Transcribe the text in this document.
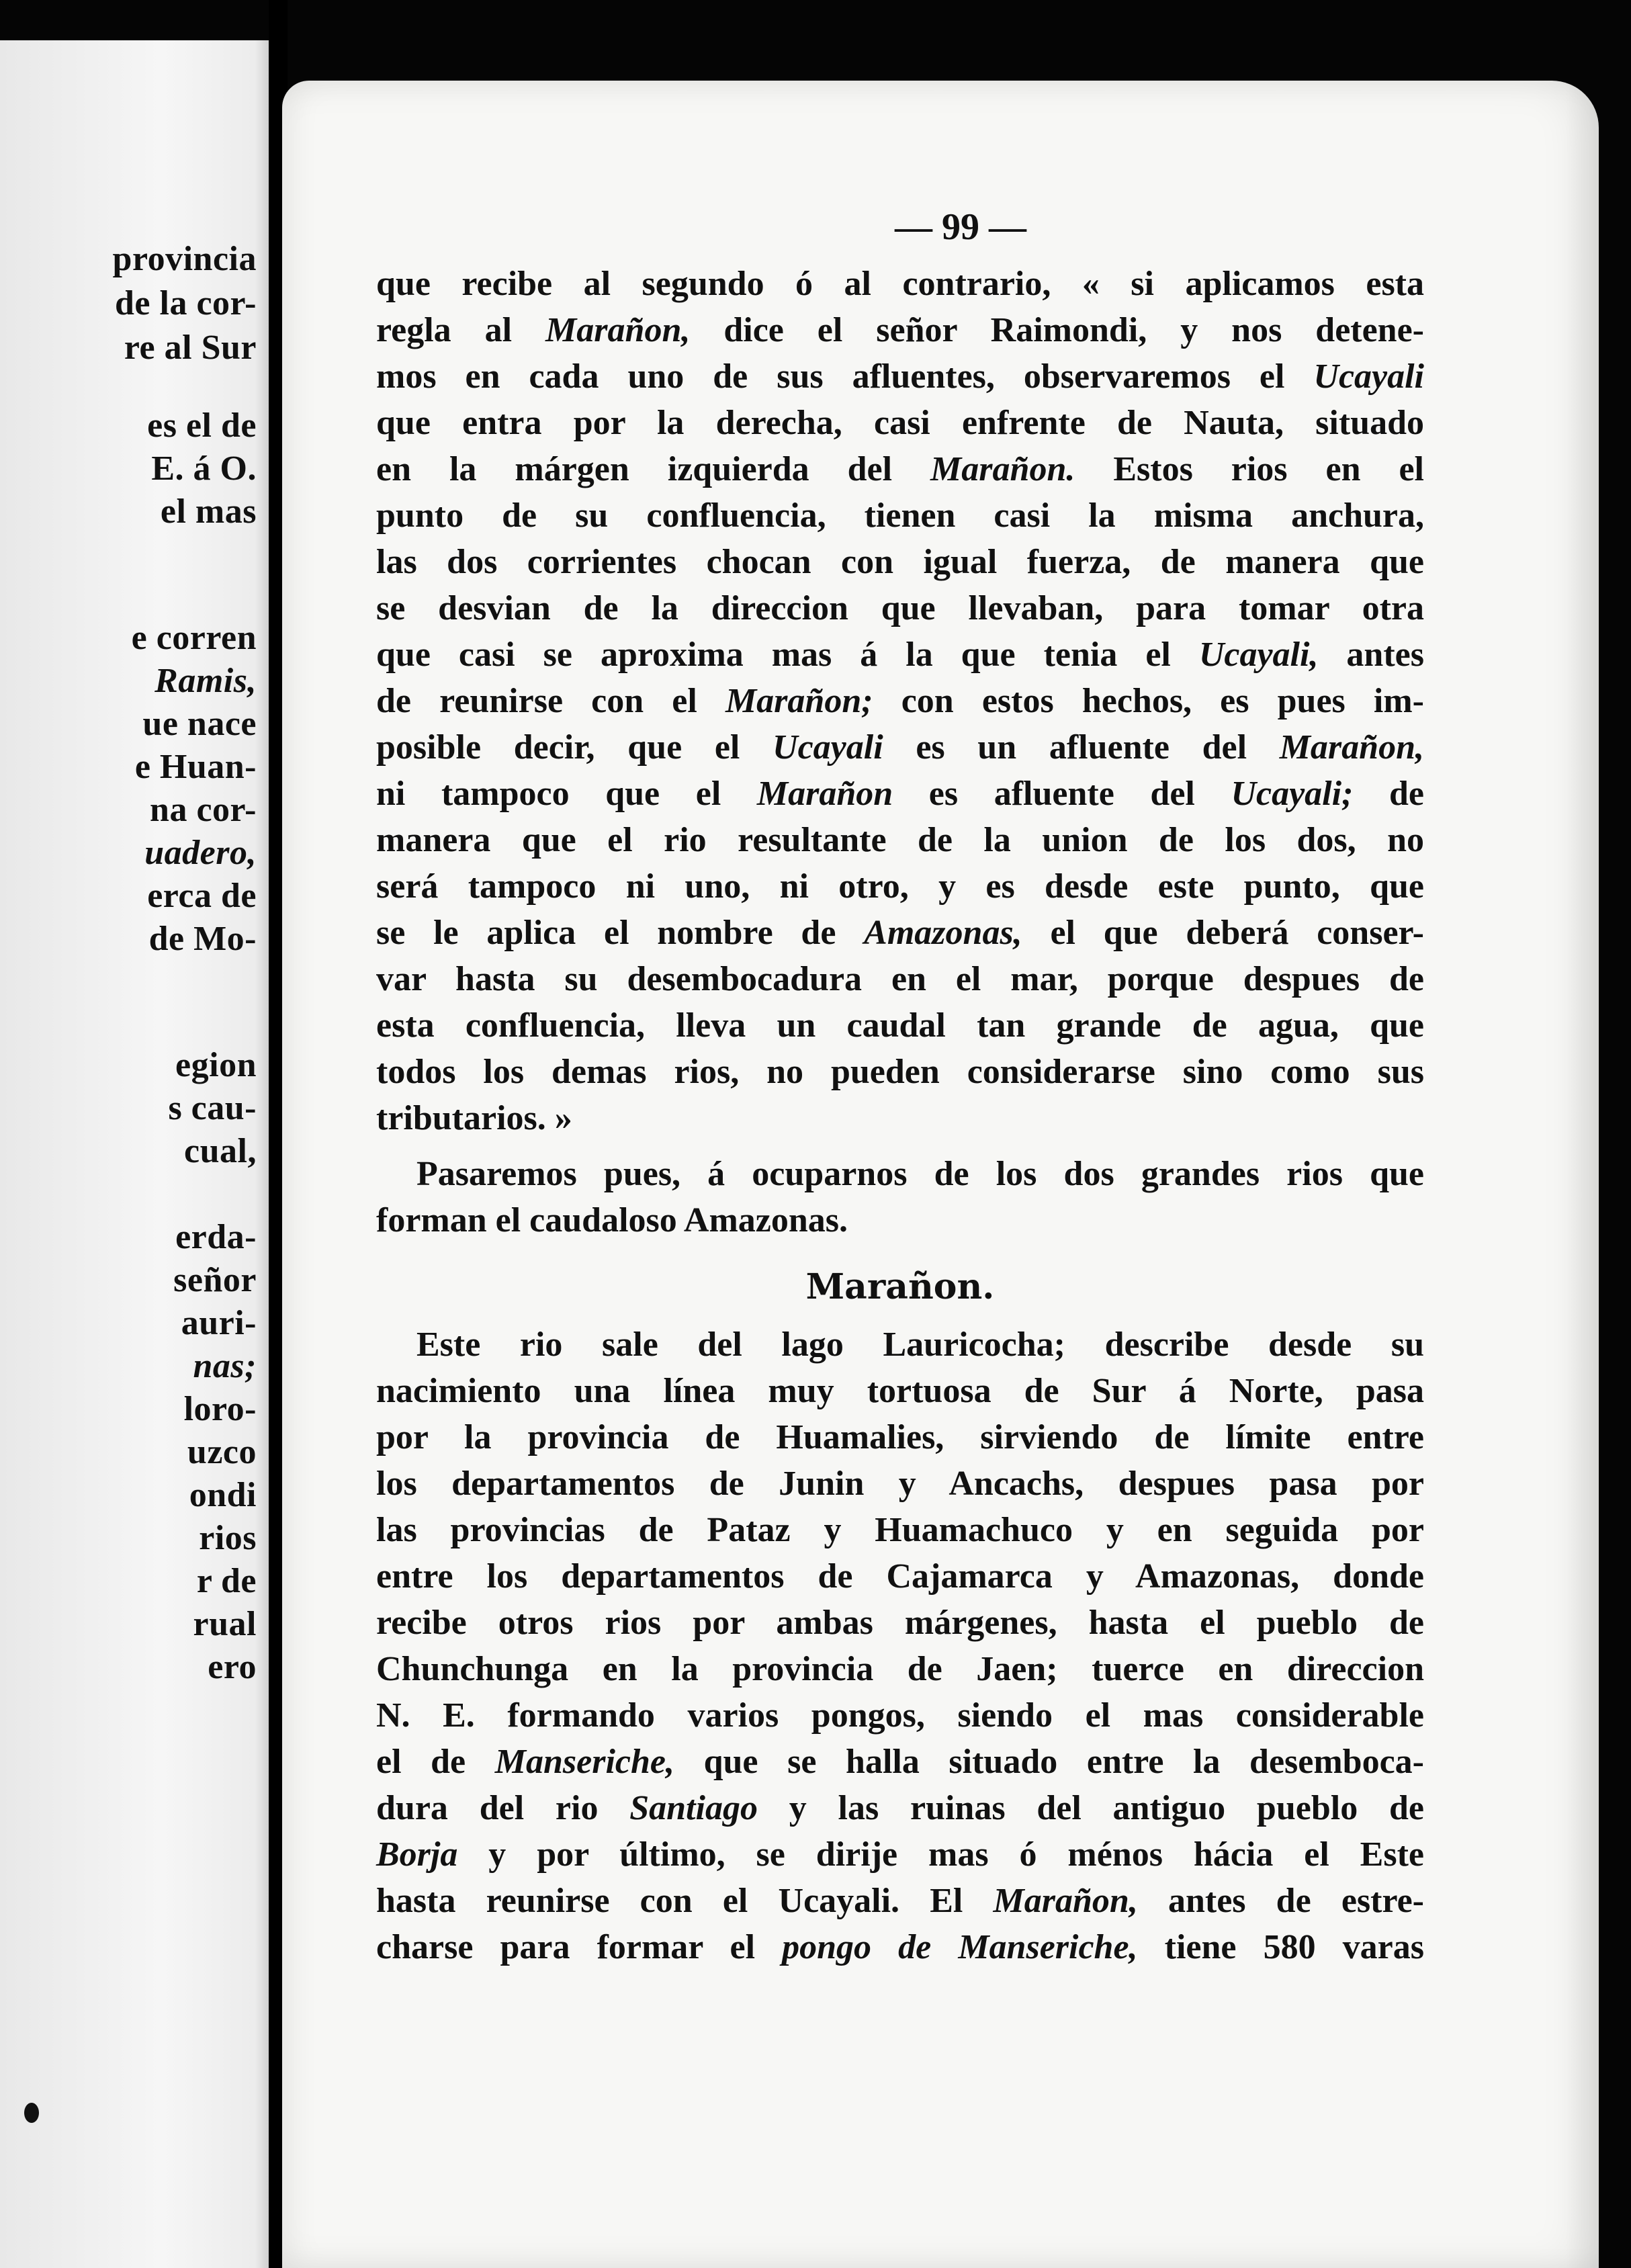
provincia
de la cor-
re al Sur
es el de
E. á O.
el mas
e corren
Ramis,
ue nace
e Huan-
na cor-
uadero,
erca de
de Mo-
egion
s cau-
cual,
erda-
señor
auri-
nas;
loro-
uzco
ondi
rios
r de
rual
ero
— 99 —
que recibe al segundo ó al contrario, « si aplicamos esta
regla al Marañon, dice el señor Raimondi, y nos detene-
mos en cada uno de sus afluentes, observaremos el Ucayali
que entra por la derecha, casi enfrente de Nauta, situado
en la márgen izquierda del Marañon. Estos rios en el
punto de su confluencia, tienen casi la misma anchura,
las dos corrientes chocan con igual fuerza, de manera que
se desvian de la direccion que llevaban, para tomar otra
que casi se aproxima mas á la que tenia el Ucayali, antes
de reunirse con el Marañon; con estos hechos, es pues im-
posible decir, que el Ucayali es un afluente del Marañon,
ni tampoco que el Marañon es afluente del Ucayali; de
manera que el rio resultante de la union de los dos, no
será tampoco ni uno, ni otro, y es desde este punto, que
se le aplica el nombre de Amazonas, el que deberá conser-
var hasta su desembocadura en el mar, porque despues de
esta confluencia, lleva un caudal tan grande de agua, que
todos los demas rios, no pueden considerarse sino como sus
tributarios. »
Pasaremos pues, á ocuparnos de los dos grandes rios que
forman el caudaloso Amazonas.
Marañon.
Este rio sale del lago Lauricocha; describe desde su
nacimiento una línea muy tortuosa de Sur á Norte, pasa
por la provincia de Huamalies, sirviendo de límite entre
los departamentos de Junin y Ancachs, despues pasa por
las provincias de Pataz y Huamachuco y en seguida por
entre los departamentos de Cajamarca y Amazonas, donde
recibe otros rios por ambas márgenes, hasta el pueblo de
Chunchunga en la provincia de Jaen; tuerce en direccion
N. E. formando varios pongos, siendo el mas considerable
el de Manseriche, que se halla situado entre la desemboca-
dura del rio Santiago y las ruinas del antiguo pueblo de
Borja y por último, se dirije mas ó ménos hácia el Este
hasta reunirse con el Ucayali. El Marañon, antes de estre-
charse para formar el pongo de Manseriche, tiene 580 varas
